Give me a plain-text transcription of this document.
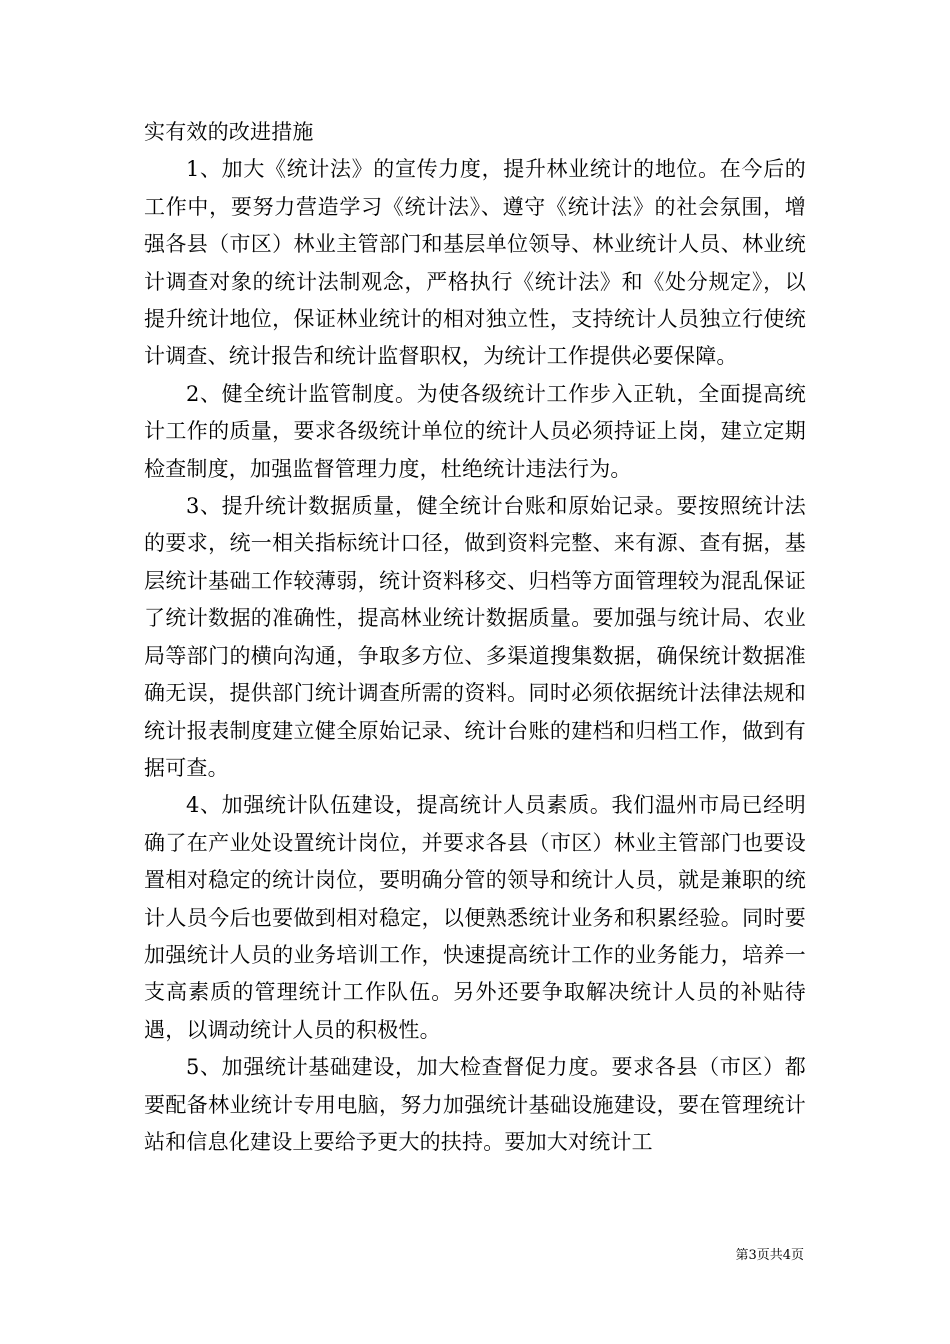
实有效的改进措施

1、加大《统计法》的宣传力度，提升林业统计的地位。在今后的工作中，要努力营造学习《统计法》、遵守《统计法》的社会氛围，增强各县（市区）林业主管部门和基层单位领导、林业统计人员、林业统计调查对象的统计法制观念，严格执行《统计法》和《处分规定》，以提升统计地位，保证林业统计的相对独立性，支持统计人员独立行使统计调查、统计报告和统计监督职权，为统计工作提供必要保障。

2、健全统计监管制度。为使各级统计工作步入正轨，全面提高统计工作的质量，要求各级统计单位的统计人员必须持证上岗，建立定期检查制度，加强监督管理力度，杜绝统计违法行为。

3、提升统计数据质量，健全统计台账和原始记录。要按照统计法的要求，统一相关指标统计口径，做到资料完整、来有源、查有据，基层统计基础工作较薄弱，统计资料移交、归档等方面管理较为混乱保证了统计数据的准确性，提高林业统计数据质量。要加强与统计局、农业局等部门的横向沟通，争取多方位、多渠道搜集数据，确保统计数据准确无误，提供部门统计调查所需的资料。同时必须依据统计法律法规和统计报表制度建立健全原始记录、统计台账的建档和归档工作，做到有据可查。

4、加强统计队伍建设，提高统计人员素质。我们温州市局已经明确了在产业处设置统计岗位，并要求各县（市区）林业主管部门也要设置相对稳定的统计岗位，要明确分管的领导和统计人员，就是兼职的统计人员今后也要做到相对稳定，以便熟悉统计业务和积累经验。同时要加强统计人员的业务培训工作，快速提高统计工作的业务能力，培养一支高素质的管理统计工作队伍。另外还要争取解决统计人员的补贴待遇，以调动统计人员的积极性。

5、加强统计基础建设，加大检查督促力度。要求各县（市区）都要配备林业统计专用电脑，努力加强统计基础设施建设，要在管理统计站和信息化建设上要给予更大的扶持。要加大对统计工

第3页共4页
